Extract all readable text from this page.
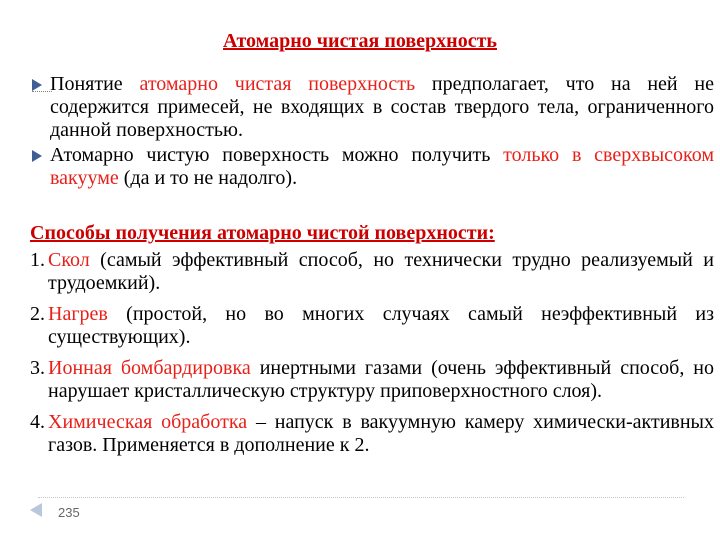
Атомарно чистая поверхность
Понятие атомарно чистая поверхность предполагает, что на ней не содержится примесей, не входящих в состав твердого тела, ограниченного данной поверхностью.
Атомарно чистую поверхность можно получить только в сверхвысоком вакууме (да и то не надолго).
Способы получения атомарно чистой поверхности:
1. Скол (самый эффективный способ, но технически трудно реализуемый и трудоемкий).
2. Нагрев (простой, но во многих случаях самый неэффективный из существующих).
3. Ионная бомбардировка инертными газами (очень эффективный способ, но нарушает кристаллическую структуру приповерхностного слоя).
4. Химическая обработка – напуск в вакуумную камеру химически-активных газов. Применяется в дополнение к 2.
235
